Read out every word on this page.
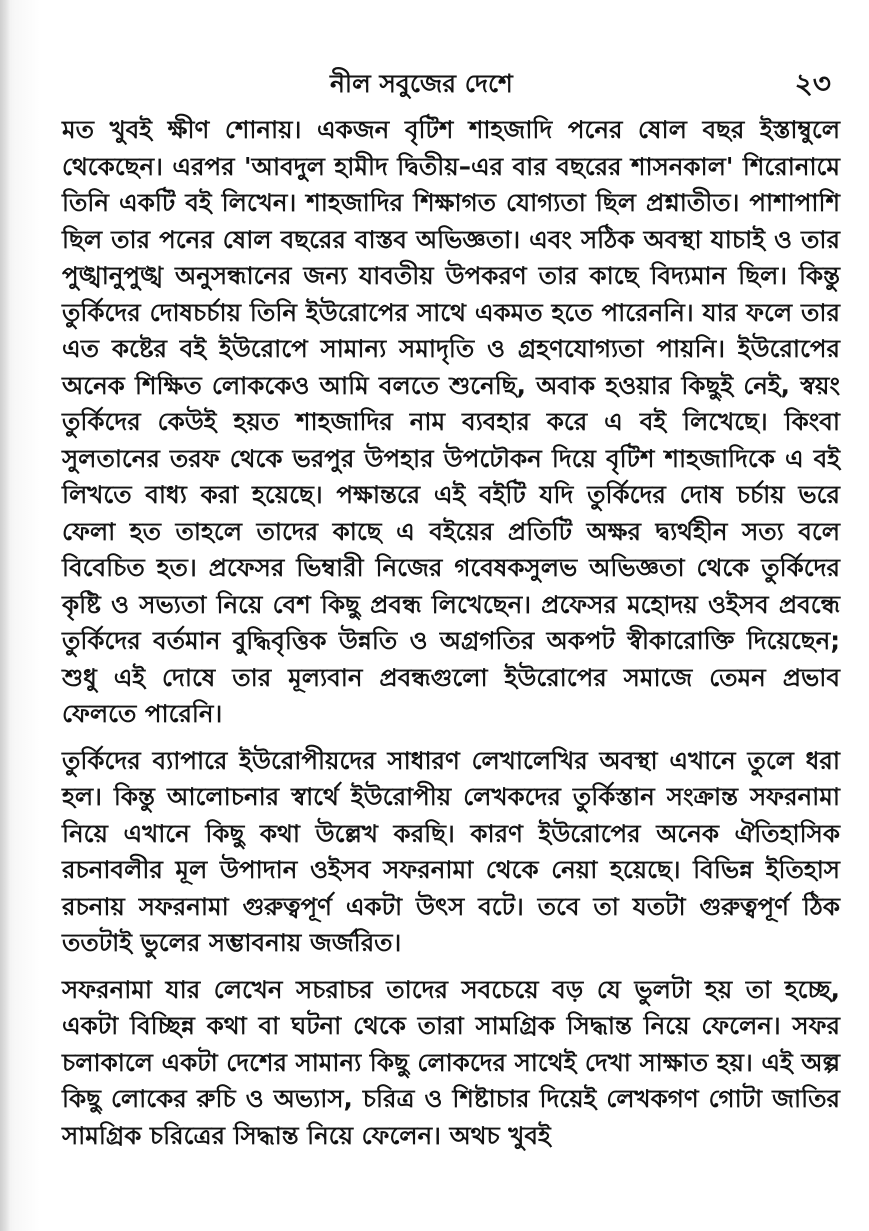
নীল সবুজের দেশে	২৩

মত খুবই ক্ষীণ শোনায়। একজন বৃটিশ শাহজাদি পনের ষোল বছর ইস্তাম্বুলে থেকেছেন। এরপর 'আবদুল হামীদ দ্বিতীয়–এর বার বছরের শাসনকাল' শিরোনামে তিনি একটি বই লিখেন। শাহজাদির শিক্ষাগত যোগ্যতা ছিল প্রশ্নাতীত। পাশাপাশি ছিল তার পনের ষোল বছরের বাস্তব অভিজ্ঞতা। এবং সঠিক অবস্থা যাচাই ও তার পুঙ্খানুপুঙ্খ অনুসন্ধানের জন্য যাবতীয় উপকরণ তার কাছে বিদ্যমান ছিল। কিন্তু তুর্কিদের দোষচর্চায় তিনি ইউরোপের সাথে একমত হতে পারেননি। যার ফলে তার এত কষ্টের বই ইউরোপে সামান্য সমাদৃতি ও গ্রহণযোগ্যতা পায়নি। ইউরোপের অনেক শিক্ষিত লোককেও আমি বলতে শুনেছি, অবাক হওয়ার কিছুই নেই, স্বয়ং তুর্কিদের কেউই হয়ত শাহজাদির নাম ব্যবহার করে এ বই লিখেছে। কিংবা সুলতানের তরফ থেকে ভরপুর উপহার উপঢৌকন দিয়ে বৃটিশ শাহজাদিকে এ বই লিখতে বাধ্য করা হয়েছে। পক্ষান্তরে এই বইটি যদি তুর্কিদের দোষ চর্চায় ভরে ফেলা হত তাহলে তাদের কাছে এ বইয়ের প্রতিটি অক্ষর দ্ব্যর্থহীন সত্য বলে বিবেচিত হত। প্রফেসর ভিম্বারী নিজের গবেষকসুলভ অভিজ্ঞতা থেকে তুর্কিদের কৃষ্টি ও সভ্যতা নিয়ে বেশ কিছু প্রবন্ধ লিখেছেন। প্রফেসর মহোদয় ওইসব প্রবন্ধে তুর্কিদের বর্তমান বুদ্ধিবৃত্তিক উন্নতি ও অগ্রগতির অকপট স্বীকারোক্তি দিয়েছেন; শুধু এই দোষে তার মূল্যবান প্রবন্ধগুলো ইউরোপের সমাজে তেমন প্রভাব ফেলতে পারেনি।

তুর্কিদের ব্যাপারে ইউরোপীয়দের সাধারণ লেখালেখির অবস্থা এখানে তুলে ধরা হল। কিন্তু আলোচনার স্বার্থে ইউরোপীয় লেখকদের তুর্কিস্তান সংক্রান্ত সফরনামা নিয়ে এখানে কিছু কথা উল্লেখ করছি। কারণ ইউরোপের অনেক ঐতিহাসিক রচনাবলীর মূল উপাদান ওইসব সফরনামা থেকে নেয়া হয়েছে। বিভিন্ন ইতিহাস রচনায় সফরনামা গুরুত্বপূর্ণ একটা উৎস বটে। তবে তা যতটা গুরুত্বপূর্ণ ঠিক ততটাই ভুলের সম্ভাবনায় জর্জরিত।

সফরনামা যার লেখেন সচরাচর তাদের সবচেয়ে বড় যে ভুলটা হয় তা হচ্ছে, একটা বিচ্ছিন্ন কথা বা ঘটনা থেকে তারা সামগ্রিক সিদ্ধান্ত নিয়ে ফেলেন। সফর চলাকালে একটা দেশের সামান্য কিছু লোকদের সাথেই দেখা সাক্ষাত হয়। এই অল্প কিছু লোকের রুচি ও অভ্যাস, চরিত্র ও শিষ্টাচার দিয়েই লেখকগণ গোটা জাতির সামগ্রিক চরিত্রের সিদ্ধান্ত নিয়ে ফেলেন। অথচ খুবই
